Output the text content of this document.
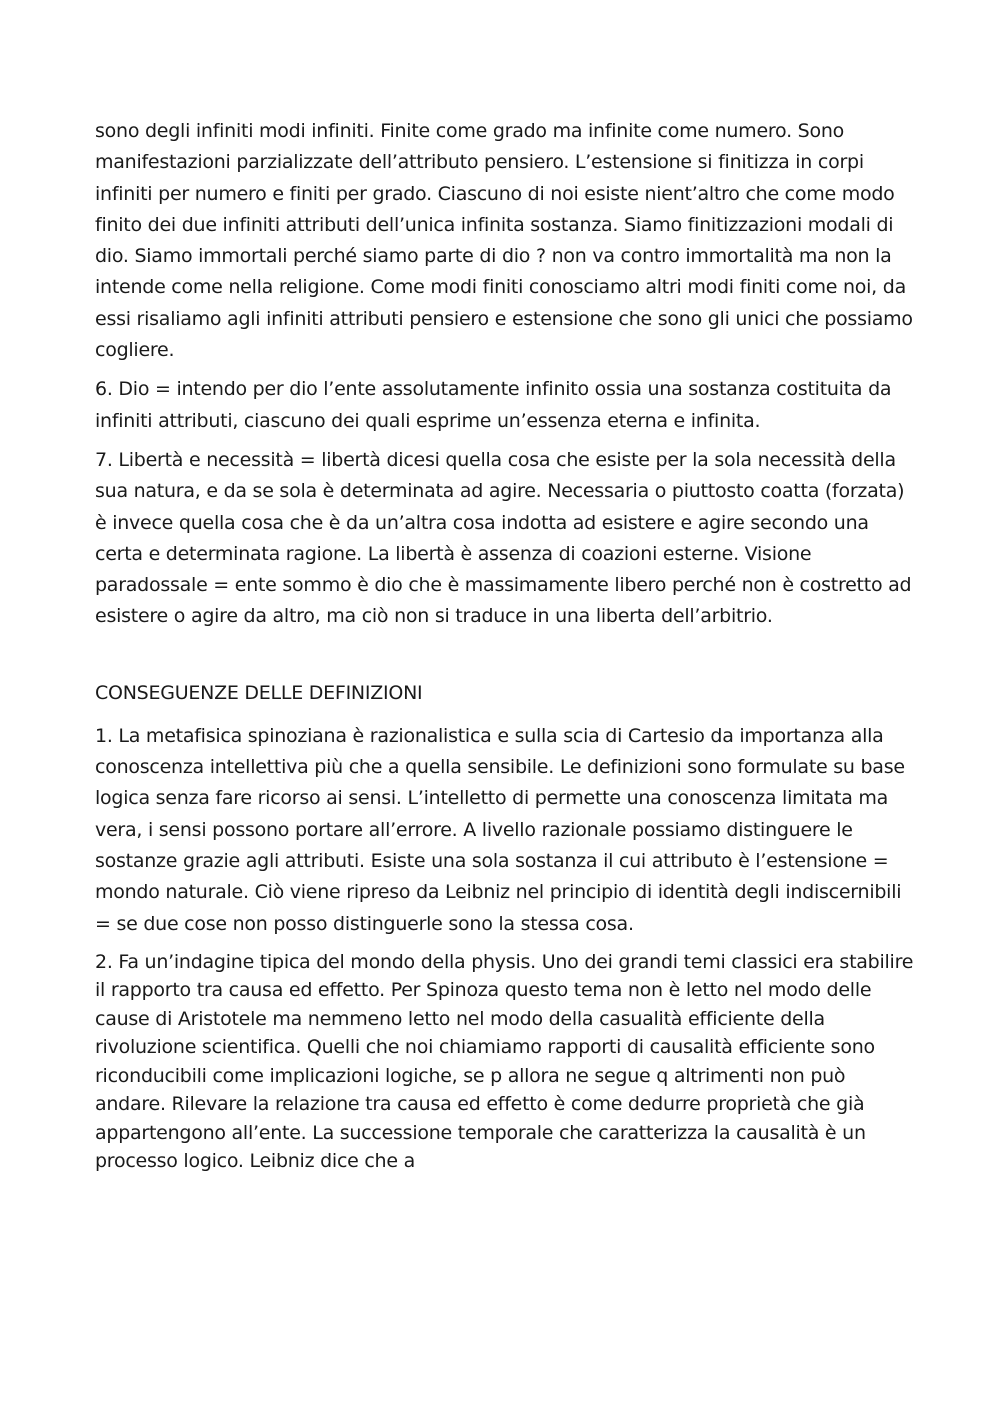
sono degli infiniti modi infiniti. Finite come grado ma infinite come numero. Sono manifestazioni parzializzate dell’attributo pensiero. L’estensione si finitizza in corpi infiniti per numero e finiti per grado. Ciascuno di noi esiste nient’altro che come modo finito dei due infiniti attributi dell’unica infinita sostanza. Siamo finitizzazioni modali di dio. Siamo immortali perché siamo parte di dio ? non va contro immortalità ma non la intende come nella religione. Come modi finiti conosciamo altri modi finiti come noi, da essi risaliamo agli infiniti attributi pensiero e estensione che sono gli unici che possiamo cogliere.

6. Dio = intendo per dio l’ente assolutamente infinito ossia una sostanza costituita da infiniti attributi, ciascuno dei quali esprime un’essenza eterna e infinita.

7. Libertà e necessità = libertà dicesi quella cosa che esiste per la sola necessità della sua natura, e da se sola è determinata ad agire. Necessaria o piuttosto coatta (forzata) è invece quella cosa che è da un’altra cosa indotta ad esistere e agire secondo una certa e determinata ragione. La libertà è assenza di coazioni esterne. Visione paradossale = ente sommo è dio che è massimamente libero perché non è costretto ad esistere o agire da altro, ma ciò non si traduce in una liberta dell’arbitrio.

CONSEGUENZE DELLE DEFINIZIONI

1. La metafisica spinoziana è razionalistica e sulla scia di Cartesio da importanza alla conoscenza intellettiva più che a quella sensibile. Le definizioni sono formulate su base logica senza fare ricorso ai sensi. L’intelletto di permette una conoscenza limitata ma vera, i sensi possono portare all’errore. A livello razionale possiamo distinguere le sostanze grazie agli attributi. Esiste una sola sostanza il cui attributo è l’estensione = mondo naturale. Ciò viene ripreso da Leibniz nel principio di identità degli indiscernibili = se due cose non posso distinguerle sono la stessa cosa.

2. Fa un’indagine tipica del mondo della physis. Uno dei grandi temi classici era stabilire il rapporto tra causa ed effetto. Per Spinoza questo tema non è letto nel modo delle cause di Aristotele ma nemmeno letto nel modo della casualità efficiente della rivoluzione scientifica. Quelli che noi chiamiamo rapporti di causalità efficiente sono riconducibili come implicazioni logiche, se p allora ne segue q altrimenti non può andare. Rilevare la relazione tra causa ed effetto è come dedurre proprietà che già appartengono all’ente. La successione temporale che caratterizza la causalità è un processo logico. Leibniz dice che a
